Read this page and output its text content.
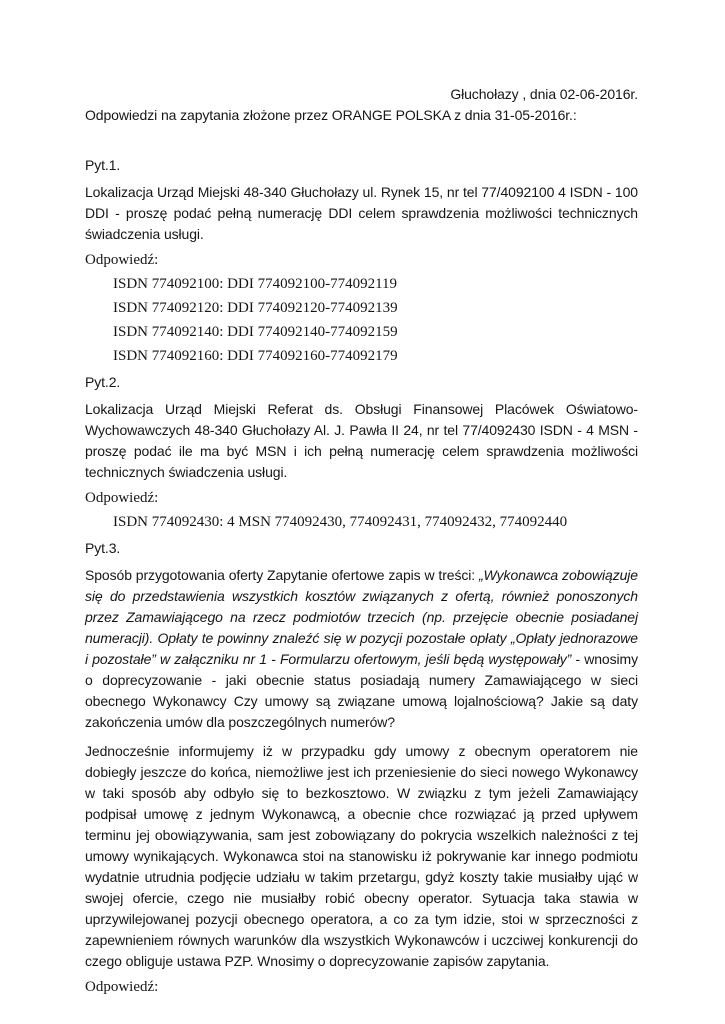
Głuchołazy , dnia 02-06-2016r.

Odpowiedzi na zapytania złożone przez ORANGE POLSKA z dnia 31-05-2016r.:

Pyt.1.

Lokalizacja Urząd Miejski 48-340 Głuchołazy ul. Rynek 15, nr tel 77/4092100 4 ISDN - 100 DDI - proszę podać pełną numerację DDI celem sprawdzenia możliwości technicznych świadczenia usługi.

Odpowiedź:
ISDN 774092100: DDI 774092100-774092119
ISDN 774092120: DDI 774092120-774092139
ISDN 774092140: DDI 774092140-774092159
ISDN 774092160: DDI 774092160-774092179
Pyt.2.

Lokalizacja Urząd Miejski Referat ds. Obsługi Finansowej Placówek Oświatowo-Wychowawczych 48-340 Głuchołazy Al. J. Pawła II 24, nr tel 77/4092430 ISDN - 4 MSN - proszę podać ile ma być MSN i ich pełną numerację celem sprawdzenia możliwości technicznych świadczenia usługi.

Odpowiedź:
ISDN 774092430: 4 MSN 774092430, 774092431, 774092432, 774092440
Pyt.3.

Sposób przygotowania oferty Zapytanie ofertowe zapis w treści: „Wykonawca zobowiązuje się do przedstawienia wszystkich kosztów związanych z ofertą, również ponoszonych przez Zamawiającego na rzecz podmiotów trzecich (np. przejęcie obecnie posiadanej numeracji). Opłaty te powinny znaleźć się w pozycji pozostałe opłaty „Opłaty jednorazowe i pozostałe” w załączniku nr 1 - Formularzu ofertowym, jeśli będą występowały” - wnosimy o doprecyzowanie - jaki obecnie status posiadają numery Zamawiającego w sieci obecnego Wykonawcy Czy umowy są związane umową lojalnościową? Jakie są daty zakończenia umów dla poszczególnych numerów?

Jednocześnie informujemy iż w przypadku gdy umowy z obecnym operatorem nie dobiegły jeszcze do końca, niemożliwe jest ich przeniesienie do sieci nowego Wykonawcy w taki sposób aby odbyło się to bezkosztowo. W związku z tym jeżeli Zamawiający podpisał umowę z jednym Wykonawcą, a obecnie chce rozwiązać ją przed upływem terminu jej obowiązywania, sam jest zobowiązany do pokrycia wszelkich należności z tej umowy wynikających. Wykonawca stoi na stanowisku iż pokrywanie kar innego podmiotu wydatnie utrudnia podjęcie udziału w takim przetargu, gdyż koszty takie musiałby ująć w swojej ofercie, czego nie musiałby robić obecny operator. Sytuacja taka stawia w uprzywilejowanej pozycji obecnego operatora, a co za tym idzie, stoi w sprzeczności z zapewnieniem równych warunków dla wszystkich Wykonawców i uczciwej konkurencji do czego obliguje ustawa PZP. Wnosimy o doprecyzowanie zapisów zapytania.

Odpowiedź:
